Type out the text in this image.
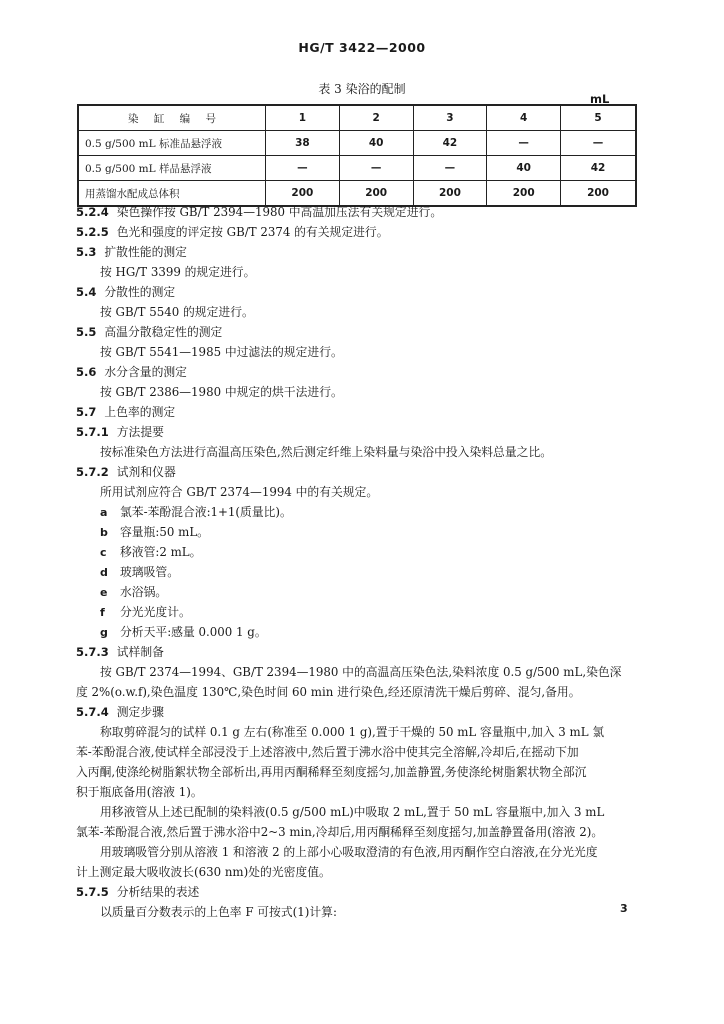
HG/T 3422—2000
表 3 染浴的配制
mL
染 缸 编 号	1	2	3	4	5
0.5 g/500 mL 标准品悬浮液	38	40	42	—	—
0.5 g/500 mL 样品悬浮液	—	—	—	40	42
用蒸馏水配成总体积	200	200	200	200	200
5.2.4 染色操作按 GB/T 2394—1980 中高温加压法有关规定进行。
5.2.5 色光和强度的评定按 GB/T 2374 的有关规定进行。
5.3 扩散性能的测定
按 HG/T 3399 的规定进行。
5.4 分散性的测定
按 GB/T 5540 的规定进行。
5.5 高温分散稳定性的测定
按 GB/T 5541—1985 中过滤法的规定进行。
5.6 水分含量的测定
按 GB/T 2386—1980 中规定的烘干法进行。
5.7 上色率的测定
5.7.1 方法提要
按标准染色方法进行高温高压染色,然后测定纤维上染料量与染浴中投入染料总量之比。
5.7.2 试剂和仪器
所用试剂应符合 GB/T 2374—1994 中的有关规定。
a 氯苯-苯酚混合液:1+1(质量比)。
b 容量瓶:50 mL。
c 移液管:2 mL。
d 玻璃吸管。
e 水浴锅。
f 分光光度计。
g 分析天平:感量 0.000 1 g。
5.7.3 试样制备
按 GB/T 2374—1994、GB/T 2394—1980 中的高温高压染色法,染料浓度 0.5 g/500 mL,染色深
度 2%(o.w.f),染色温度 130℃,染色时间 60 min 进行染色,经还原清洗干燥后剪碎、混匀,备用。
5.7.4 测定步骤
称取剪碎混匀的试样 0.1 g 左右(称准至 0.000 1 g),置于干燥的 50 mL 容量瓶中,加入 3 mL 氯
苯-苯酚混合液,使试样全部浸没于上述溶液中,然后置于沸水浴中使其完全溶解,冷却后,在摇动下加
入丙酮,使涤纶树脂絮状物全部析出,再用丙酮稀释至刻度摇匀,加盖静置,务使涤纶树脂絮状物全部沉
积于瓶底备用(溶液 1)。
用移液管从上述已配制的染料液(0.5 g/500 mL)中吸取 2 mL,置于 50 mL 容量瓶中,加入 3 mL
氯苯-苯酚混合液,然后置于沸水浴中2~3 min,冷却后,用丙酮稀释至刻度摇匀,加盖静置备用(溶液 2)。
用玻璃吸管分别从溶液 1 和溶液 2 的上部小心吸取澄清的有色液,用丙酮作空白溶液,在分光光度
计上测定最大吸收波长(630 nm)处的光密度值。
5.7.5 分析结果的表述
以质量百分数表示的上色率 F 可按式(1)计算:	3
